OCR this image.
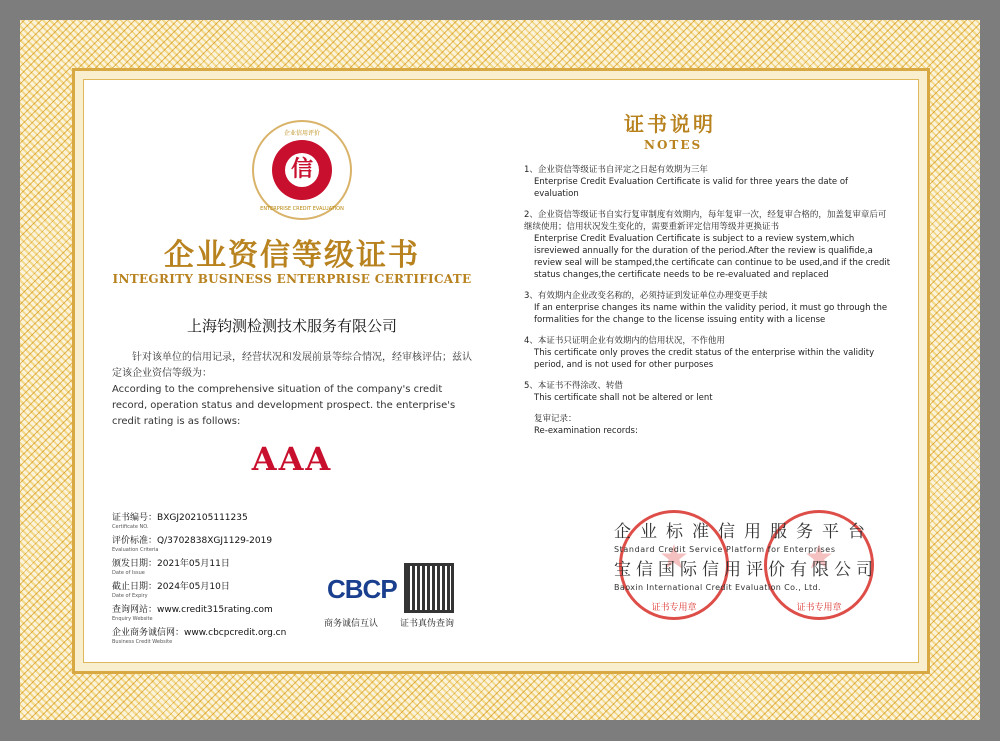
企业信用评价
信
ENTERPRISE CREDIT EVALUATION
企业资信等级证书
INTEGRITY BUSINESS ENTERPRISE CERTIFICATE
上海钧测检测技术服务有限公司
针对该单位的信用记录，经营状况和发展前景等综合情况，经审核评估；兹认定该企业资信等级为：
According to the comprehensive situation of the company's credit record, operation status and development prospect. the enterprise's credit rating is as follows:
AAA
证书编号：BXGJ202105111235
Certificate NO.
评价标准：Q/3702838XGJ1129-2019
Evaluation Criteria
颁发日期：2021年05月11日
Date of Issue
截止日期：2024年05月10日
Date of Expiry
查询网站：www.credit315rating.com
Enquiry Website
企业商务诚信网：www.cbcpcredit.org.cn
Business Credit Website
CBCP
商务诚信互认 证书真伪查询
证书说明
NOTES
1、企业资信等级证书自评定之日起有效期为三年
Enterprise Credit Evaluation Certificate is valid for three years the date of evaluation
2、企业资信等级证书自实行复审制度有效期内，每年复审一次，经复审合格的，加盖复审章后可继续使用；信用状况发生变化的，需要重新评定信用等级并更换证书
Enterprise Credit Evaluation Certificate is subject to a review system,which isreviewed annually for the duration of the period.After the review is qualifide,a review seal will be stamped,the certificate can continue to be used,and if the credit status changes,the certificate needs to be re-evaluated and replaced
3、有效期内企业改变名称的，必须持证到发证单位办理变更手续
If an enterprise changes its name within the validity period, it must go through the formalities for the change to the license issuing entity with a license
4、本证书只证明企业有效期内的信用状况，不作他用
This certificate only proves the credit status of the enterprise within the validity period, and is not used for other purposes
5、本证书不得涂改、转借
This certificate shall not be altered or lent
复审记录：
Re-examination records:
企业标准信用服务平台
Standard Credit Service Platform for Enterprises
宝信国际信用评价有限公司
Baoxin International Credit Evaluation Co., Ltd.
证书专用章	证书专用章
